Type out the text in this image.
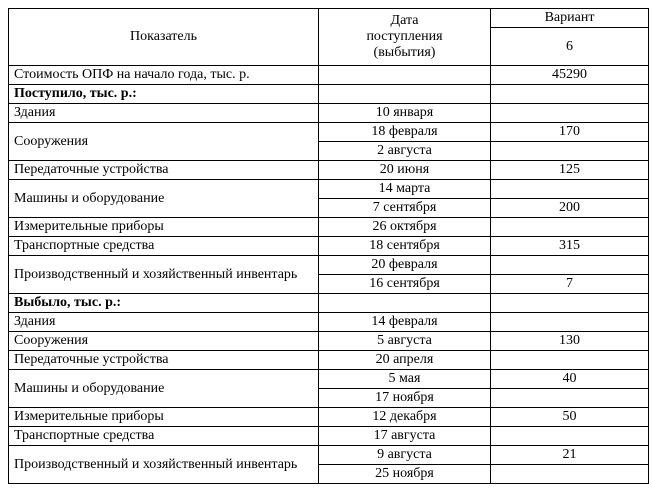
Показатель	Дата
поступления
(выбытия)	Вариант
		6

Стоимость ОПФ на начало года, тыс. р.		45290
Поступило, тыс. р.:		
Здания	10 января	
Сооружения	18 февраля	170
	2 августа	
Передаточные устройства	20 июня	125
Машины и оборудование	14 марта	
	7 сентября	200
Измерительные приборы	26 октября	
Транспортные средства	18 сентября	315
Производственный и хозяйственный инвентарь	20 февраля	
	16 сентября	7
Выбыло, тыс. р.:		
Здания	14 февраля	
Сооружения	5 августа	130
Передаточные устройства	20 апреля	
Машины и оборудование	5 мая	40
	17 ноября	
Измерительные приборы	12 декабря	50
Транспортные средства	17 августа	
Производственный и хозяйственный инвентарь	9 августа	21
	25 ноября	
